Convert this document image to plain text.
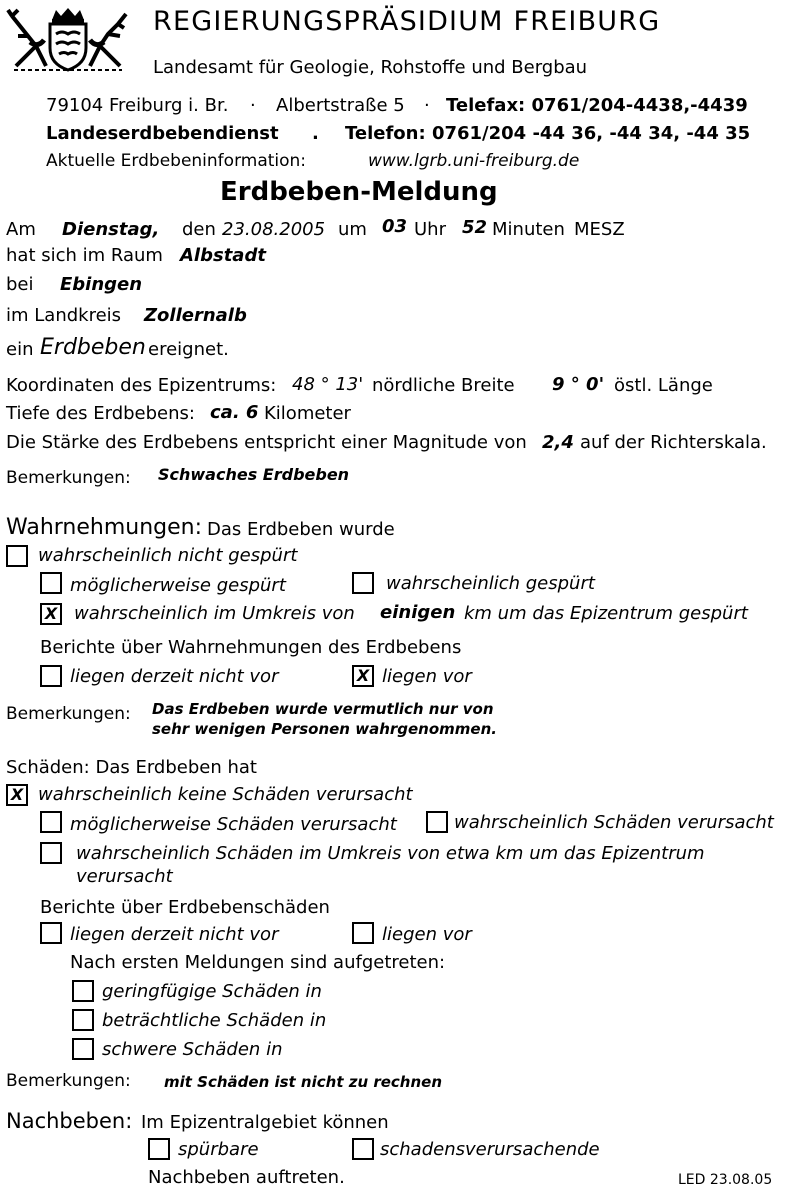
REGIERUNGSPRÄSIDIUM FREIBURG
Landesamt für Geologie, Rohstoffe und Bergbau
79104 Freiburg i. Br. · Albertstraße 5 · Telefax: 0761/204-4438,-4439
Landeserdbebendienst . Telefon: 0761/204 -44 36, -44 34, -44 35
Aktuelle Erdbebeninformation:	www.lgrb.uni-freiburg.de
Erdbeben-Meldung
Am Dienstag, den 23.08.2005 um 03 Uhr 52 Minuten MESZ
hat sich im Raum Albstadt
bei Ebingen
im Landkreis Zollernalb
ein Erdbeben ereignet.
Koordinaten des Epizentrums: 48 ° 13' nördliche Breite 9 ° 0' östl. Länge
Tiefe des Erdbebens: ca. 6 Kilometer
Die Stärke des Erdbebens entspricht einer Magnitude von 2,4 auf der Richterskala.
Bemerkungen: Schwaches Erdbeben
Wahrnehmungen: Das Erdbeben wurde
wahrscheinlich nicht gespürt
möglicherweise gespürt	wahrscheinlich gespürt
X wahrscheinlich im Umkreis von einigen km um das Epizentrum gespürt
Berichte über Wahrnehmungen des Erdbebens
liegen derzeit nicht vor	X liegen vor
Bemerkungen: Das Erdbeben wurde vermutlich nur von
sehr wenigen Personen wahrgenommen.
Schäden: Das Erdbeben hat
X wahrscheinlich keine Schäden verursacht
möglicherweise Schäden verursacht	wahrscheinlich Schäden verursacht
wahrscheinlich Schäden im Umkreis von etwa km um das Epizentrum
verursacht
Berichte über Erdbebenschäden
liegen derzeit nicht vor	liegen vor
Nach ersten Meldungen sind aufgetreten:
geringfügige Schäden in
beträchtliche Schäden in
schwere Schäden in
Bemerkungen: mit Schäden ist nicht zu rechnen
Nachbeben: Im Epizentralgebiet können
spürbare	schadensverursachende
Nachbeben auftreten.	LED 23.08.05
